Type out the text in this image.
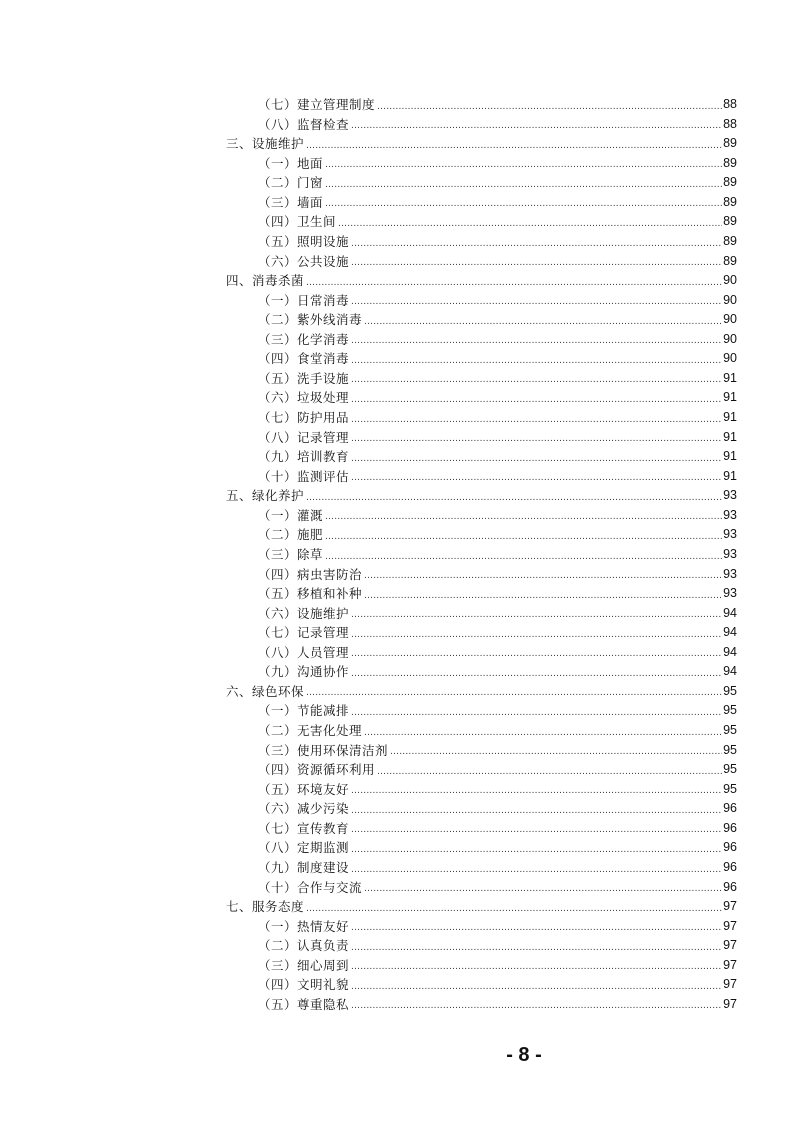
（七）建立管理制度 .....	88
（八）监督检查 .....	88
三、设施维护 .....	89
（一）地面 .....	89
（二）门窗 .....	89
（三）墙面 .....	89
（四）卫生间 .....	89
（五）照明设施 .....	89
（六）公共设施 .....	89
四、消毒杀菌 .....	90
（一）日常消毒 .....	90
（二）紫外线消毒 .....	90
（三）化学消毒 .....	90
（四）食堂消毒 .....	90
（五）洗手设施 .....	91
（六）垃圾处理 .....	91
（七）防护用品 .....	91
（八）记录管理 .....	91
（九）培训教育 .....	91
（十）监测评估 .....	91
五、绿化养护 .....	93
（一）灌溉 .....	93
（二）施肥 .....	93
（三）除草 .....	93
（四）病虫害防治 .....	93
（五）移植和补种 .....	93
（六）设施维护 .....	94
（七）记录管理 .....	94
（八）人员管理 .....	94
（九）沟通协作 .....	94
六、绿色环保 .....	95
（一）节能减排 .....	95
（二）无害化处理 .....	95
（三）使用环保清洁剂 .....	95
（四）资源循环利用 .....	95
（五）环境友好 .....	95
（六）减少污染 .....	96
（七）宣传教育 .....	96
（八）定期监测 .....	96
（九）制度建设 .....	96
（十）合作与交流 .....	96
七、服务态度 .....	97
（一）热情友好 .....	97
（二）认真负责 .....	97
（三）细心周到 .....	97
（四）文明礼貌 .....	97
（五）尊重隐私 .....	97
- 8 -
